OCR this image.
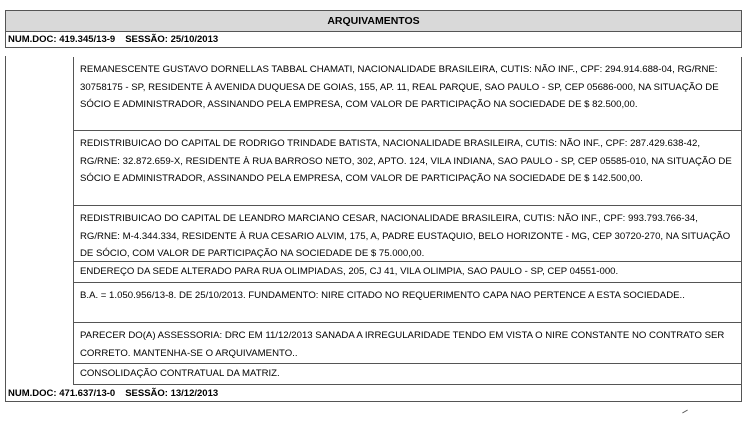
ARQUIVAMENTOS
NUM.DOC: 419.345/13-9 SESSÃO: 25/10/2013
REMANESCENTE GUSTAVO DORNELLAS TABBAL CHAMATI, NACIONALIDADE BRASILEIRA, CUTIS: NÃO INF., CPF: 294.914.688-04, RG/RNE: 30758175 - SP, RESIDENTE À AVENIDA DUQUESA DE GOIAS, 155, AP. 11, REAL PARQUE, SAO PAULO - SP, CEP 05686-000, NA SITUAÇÃO DE SÓCIO E ADMINISTRADOR, ASSINANDO PELA EMPRESA, COM VALOR DE PARTICIPAÇÃO NA SOCIEDADE DE $ 82.500,00.
REDISTRIBUICAO DO CAPITAL DE RODRIGO TRINDADE BATISTA, NACIONALIDADE BRASILEIRA, CUTIS: NÃO INF., CPF: 287.429.638-42, RG/RNE: 32.872.659-X, RESIDENTE À RUA BARROSO NETO, 302, APTO. 124, VILA INDIANA, SAO PAULO - SP, CEP 05585-010, NA SITUAÇÃO DE SÓCIO E ADMINISTRADOR, ASSINANDO PELA EMPRESA, COM VALOR DE PARTICIPAÇÃO NA SOCIEDADE DE $ 142.500,00.
REDISTRIBUICAO DO CAPITAL DE LEANDRO MARCIANO CESAR, NACIONALIDADE BRASILEIRA, CUTIS: NÃO INF., CPF: 993.793.766-34, RG/RNE: M-4.344.334, RESIDENTE À RUA CESARIO ALVIM, 175, A, PADRE EUSTAQUIO, BELO HORIZONTE - MG, CEP 30720-270, NA SITUAÇÃO DE SÓCIO, COM VALOR DE PARTICIPAÇÃO NA SOCIEDADE DE $ 75.000,00.
ENDEREÇO DA SEDE ALTERADO PARA RUA OLIMPIADAS, 205, CJ 41, VILA OLIMPIA, SAO PAULO - SP, CEP 04551-000.
B.A. = 1.050.956/13-8. DE 25/10/2013. FUNDAMENTO: NIRE CITADO NO REQUERIMENTO CAPA NAO PERTENCE A ESTA SOCIEDADE..
PARECER DO(A) ASSESSORIA: DRC EM 11/12/2013 SANADA A IRREGULARIDADE TENDO EM VISTA O NIRE CONSTANTE NO CONTRATO SER CORRETO. MANTENHA-SE O ARQUIVAMENTO..
CONSOLIDAÇÃO CONTRATUAL DA MATRIZ.
NUM.DOC: 471.637/13-0 SESSÃO: 13/12/2013
